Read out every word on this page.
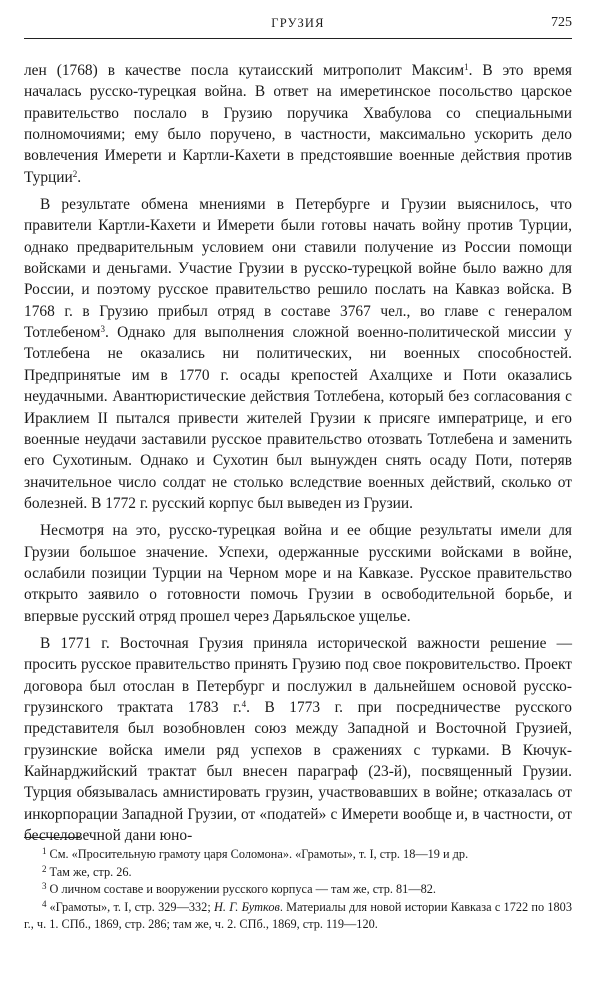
ГРУЗИЯ	725

лен (1768) в качестве посла кутаисский митрополит Максим$^1$. В это время началась русско-турецкая война. В ответ на имеретинское посольство царское правительство послало в Грузию поручика Хвабулова со специальными полномочиями; ему было поручено, в частности, максимально ускорить дело вовлечения Имерети и Картли-Кахети в предстоявшие военные действия против Турции$^2$.

В результате обмена мнениями в Петербурге и Грузии выяснилось, что правители Картли-Кахети и Имерети были готовы начать войну против Турции, однако предварительным условием они ставили получение из России помощи войсками и деньгами. Участие Грузии в русско-турецкой войне было важно для России, и поэтому русское правительство решило послать на Кавказ войска. В 1768 г. в Грузию прибыл отряд в составе 3767 чел., во главе с генералом Тотлебеном$^3$. Однако для выполнения сложной военно-политической миссии у Тотлебена не оказались ни политических, ни военных способностей. Предпринятые им в 1770 г. осады крепостей Ахалцихе и Поти оказались неудачными. Авантюристические действия Тотлебена, который без согласования с Ираклием II пытался привести жителей Грузии к присяге императрице, и его военные неудачи заставили русское правительство отозвать Тотлебена и заменить его Сухотиным. Однако и Сухотин был вынужден снять осаду Поти, потеряв значительное число солдат не столько вследствие военных действий, сколько от болезней. В 1772 г. русский корпус был выведен из Грузии.

Несмотря на это, русско-турецкая война и ее общие результаты имели для Грузии большое значение. Успехи, одержанные русскими войсками в войне, ослабили позиции Турции на Черном море и на Кавказе. Русское правительство открыто заявило о готовности помочь Грузии в освободительной борьбе, и впервые русский отряд прошел через Дарьяльское ущелье.

В 1771 г. Восточная Грузия приняла исторической важности решение — просить русское правительство принять Грузию под свое покровительство. Проект договора был отослан в Петербург и послужил в дальнейшем основой русско-грузинского трактата 1783 г.$^4$. В 1773 г. при посредничестве русского представителя был возобновлен союз между Западной и Восточной Грузией, грузинские войска имели ряд успехов в сражениях с турками. В Кючук-Кайнарджийский трактат был внесен параграф (23-й), посвященный Грузии. Турция обязывалась амнистировать грузин, участвовавших в войне; отказалась от инкорпорации Западной Грузии, от «податей» с Имерети вообще и, в частности, от бесчеловечной дани юно-

$^1$ См. «Просительную грамоту царя Соломона». «Грамоты», т. I, стр. 18—19 и др.
$^2$ Там же, стр. 26.
$^3$ О личном составе и вооружении русского корпуса — там же, стр. 81—82.
$^4$ «Грамоты», т. I, стр. 329—332; Н. Г. Бутков. Материалы для новой истории Кавказа с 1722 по 1803 г., ч. 1. СПб., 1869, стр. 286; там же, ч. 2. СПб., 1869, стр. 119—120.
